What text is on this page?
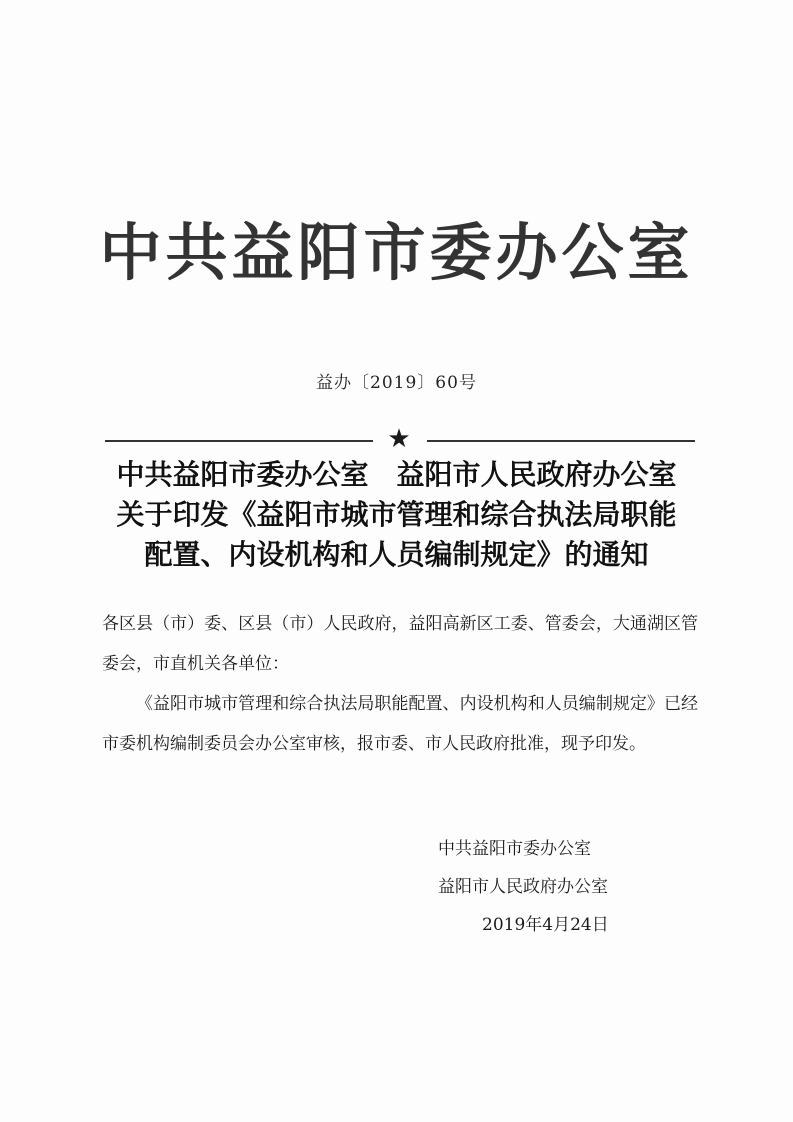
中共益阳市委办公室
益办〔2019〕60号
★
中共益阳市委办公室 益阳市人民政府办公室
关于印发《益阳市城市管理和综合执法局职能
配置、内设机构和人员编制规定》的通知

各区县（市）委、区县（市）人民政府，益阳高新区工委、管委会，大通湖区管委会，市直机关各单位：

《益阳市城市管理和综合执法局职能配置、内设机构和人员编制规定》已经市委机构编制委员会办公室审核，报市委、市人民政府批准，现予印发。

中共益阳市委办公室
益阳市人民政府办公室
2019年4月24日
